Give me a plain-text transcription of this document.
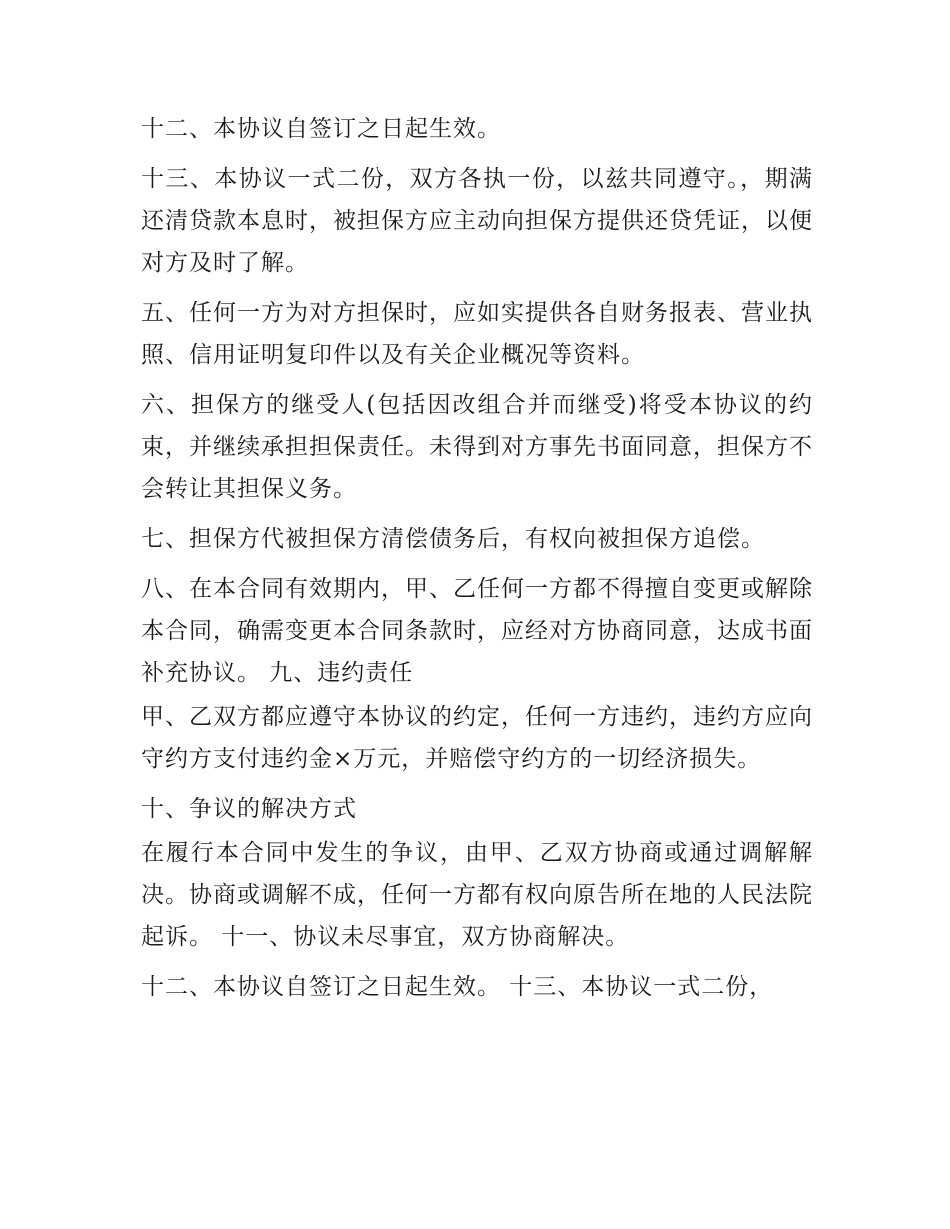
十二、本协议自签订之日起生效。

十三、本协议一式二份，双方各执一份，以兹共同遵守。，期满还清贷款本息时，被担保方应主动向担保方提供还贷凭证，以便对方及时了解。

五、任何一方为对方担保时，应如实提供各自财务报表、营业执照、信用证明复印件以及有关企业概况等资料。

六、担保方的继受人(包括因改组合并而继受)将受本协议的约束，并继续承担担保责任。未得到对方事先书面同意，担保方不会转让其担保义务。

七、担保方代被担保方清偿债务后，有权向被担保方追偿。

八、在本合同有效期内，甲、乙任何一方都不得擅自变更或解除本合同，确需变更本合同条款时，应经对方协商同意，达成书面补充协议。 九、违约责任

甲、乙双方都应遵守本协议的约定，任何一方违约，违约方应向守约方支付违约金×万元，并赔偿守约方的一切经济损失。

十、争议的解决方式

在履行本合同中发生的争议，由甲、乙双方协商或通过调解解决。协商或调解不成，任何一方都有权向原告所在地的人民法院起诉。 十一、协议未尽事宜，双方协商解决。

十二、本协议自签订之日起生效。 十三、本协议一式二份，
